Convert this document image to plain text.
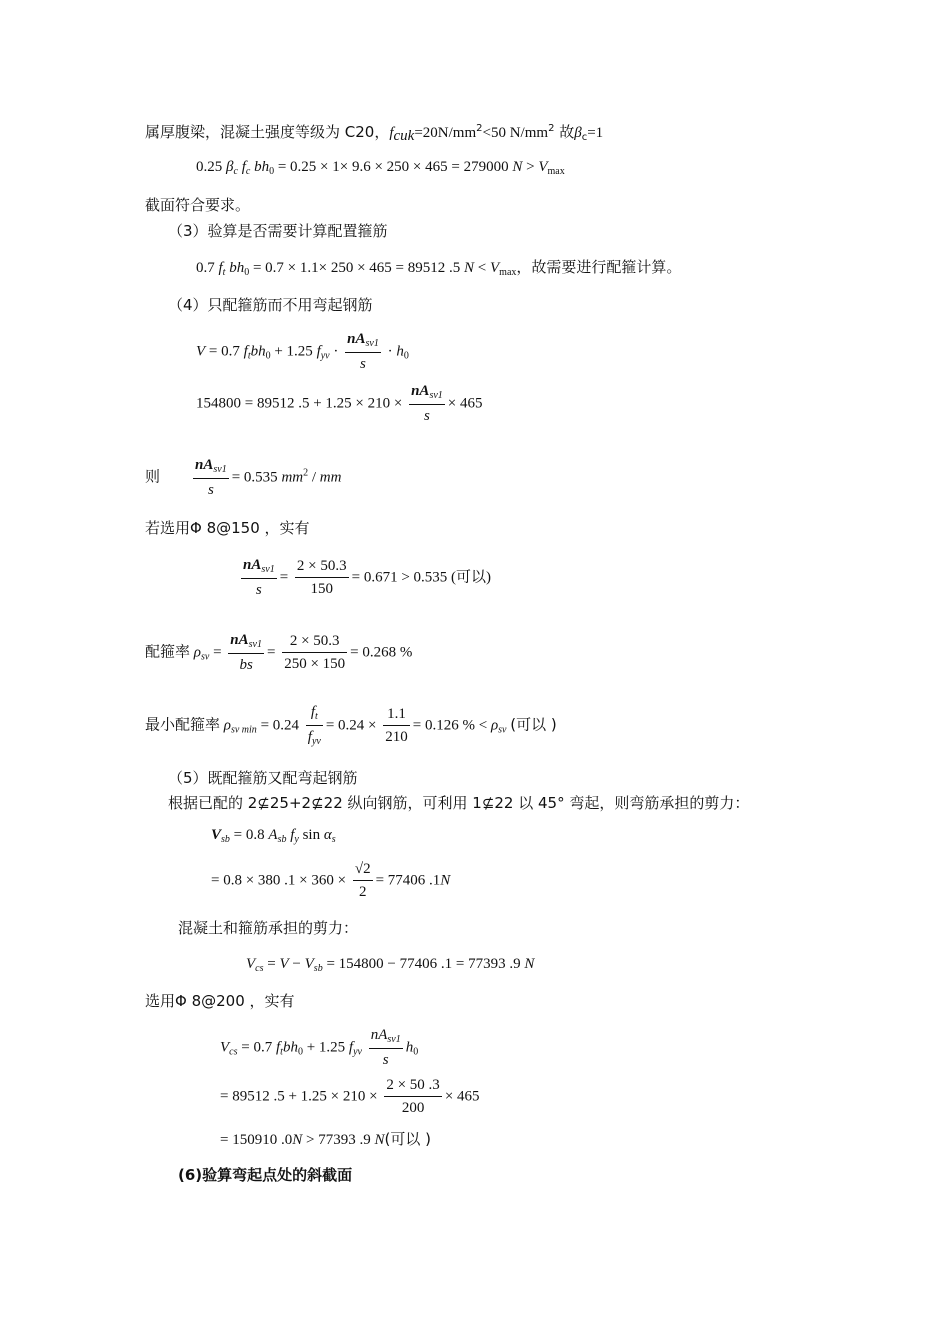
属厚腹梁，混凝土强度等级为 C20，$f_{cuk}=20N/mm^2<50$ $N/mm^2$ 故$\beta_c=1$
0.25 $\beta_c$ $f_c$ $bh_0 = 0.25 \times 1\times 9.6 \times 250 \times 465 = 279000$ $N > V_{max}$
截面符合要求。
（3）验算是否需要计算配置箍筋
0.7 $f_t$ $bh_0 = 0.7 \times 1.1\times 250 \times 465 = 89512$ .5 $N < V_{max}$，故需要进行配箍计算。
（4）只配箍筋而不用弯起钢筋
V = 0.7 $f_tbh_0 + 1.25$ $f_{yv} \cdot \frac{nA_{sv1}}{s} \cdot h_0$
154800 = 89512 $.5 + 1.25 \times 210 \times \frac{nA_{sv1}}{s} \times 465$
则 $\frac{nA_{sv1}}{s} = 0.535$ $mm^2$ / mm
若选用Φ 8@150 ，实有
$\frac{nA_{sv1}}{s} = \frac{2 \times 50.3}{150} = 0.671 > 0.535$ (可以)
配箍率 $\rho_{sv} = \frac{nA_{sv1}}{bs} = \frac{2 \times 50.3}{250 \times 150} = 0.268$ %
最小配箍率 $\rho_{sv min} = 0.24 \frac{f_t}{f_{yv}} = 0.24 \times \frac{1.1}{210} = 0.126$ % < $\rho_{sv}$ (可以 )
（5）既配箍筋又配弯起钢筋
根据已配的 2⊈25+2⊈22 纵向钢筋，可利用 1⊈22 以 45° 弯起，则弯筋承担的剪力：
$V_{sb} = 0.8$ $A_{sb}$ $f_y$ $\sin \alpha_s$
= 0.8 × 380 $.1 \times 360 \times \frac{√2}{2} = 77406$ .1N
混凝土和箍筋承担的剪力：
$V_{cs} = V - V_{sb} = 154800 - 77406$ .1 = 77393 .9 N
选用Φ 8@200 ，实有
$V_{cs} = 0.7$ $f_tbh_0 + 1.25$ $f_{yv} \frac{nA_{sv1}}{s} h_0$
= 89512 $.5 + 1.25 \times 210 \times \frac{2 \times 50 .3}{200} \times 465$
= 150910 .0N > 77393 .9 N(可以 )
(6)验算弯起点处的斜截面
